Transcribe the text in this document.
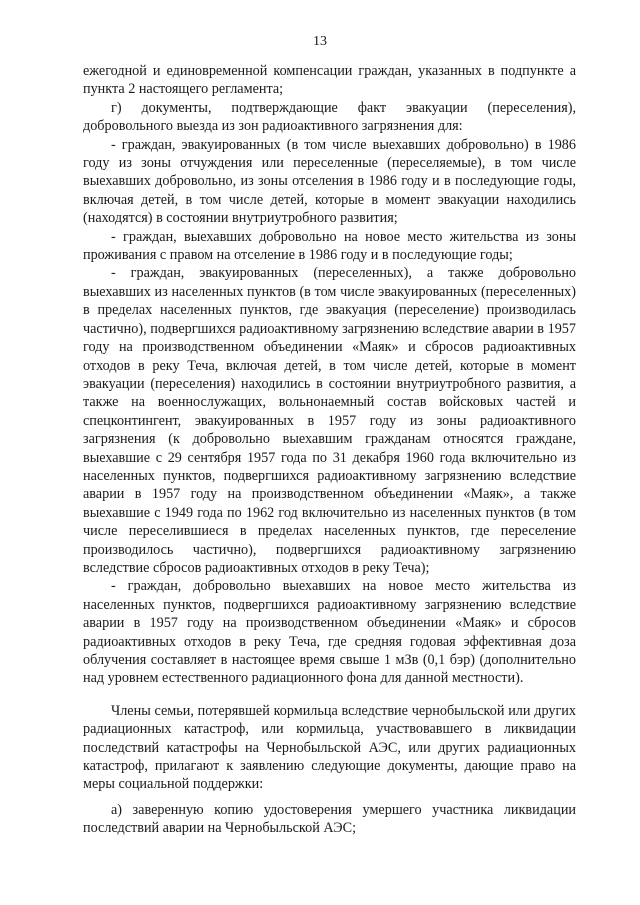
13

ежегодной и единовременной компенсации граждан, указанных в подпункте а пункта 2 настоящего регламента;

г) документы, подтверждающие факт эвакуации (переселения), добровольного выезда из зон радиоактивного загрязнения для:

- граждан, эвакуированных (в том числе выехавших добровольно) в 1986 году из зоны отчуждения или переселенные (переселяемые), в том числе выехавших добровольно, из зоны отселения в 1986 году и в последующие годы, включая детей, в том числе детей, которые в момент эвакуации находились (находятся) в состоянии внутриутробного развития;

- граждан, выехавших добровольно на новое место жительства из зоны проживания с правом на отселение в 1986 году и в последующие годы;

- граждан, эвакуированных (переселенных), а также добровольно выехавших из населенных пунктов (в том числе эвакуированных (переселенных) в пределах населенных пунктов, где эвакуация (переселение) производилась частично), подвергшихся радиоактивному загрязнению вследствие аварии в 1957 году на производственном объединении «Маяк» и сбросов радиоактивных отходов в реку Теча, включая детей, в том числе детей, которые в момент эвакуации (переселения) находились в состоянии внутриутробного развития, а также на военнослужащих, вольнонаемный состав войсковых частей и спецконтингент, эвакуированных в 1957 году из зоны радиоактивного загрязнения (к добровольно выехавшим гражданам относятся граждане, выехавшие с 29 сентября 1957 года по 31 декабря 1960 года включительно из населенных пунктов, подвергшихся радиоактивному загрязнению вследствие аварии в 1957 году на производственном объединении «Маяк», а также выехавшие с 1949 года по 1962 год включительно из населенных пунктов (в том числе переселившиеся в пределах населенных пунктов, где переселение производилось частично), подвергшихся радиоактивному загрязнению вследствие сбросов радиоактивных отходов в реку Теча);

- граждан, добровольно выехавших на новое место жительства из населенных пунктов, подвергшихся радиоактивному загрязнению вследствие аварии в 1957 году на производственном объединении «Маяк» и сбросов радиоактивных отходов в реку Теча, где средняя годовая эффективная доза облучения составляет в настоящее время свыше 1 мЗв (0,1 бэр) (дополнительно над уровнем естественного радиационного фона для данной местности).

Члены семьи, потерявшей кормильца вследствие чернобыльской или других радиационных катастроф, или кормильца, участвовавшего в ликвидации последствий катастрофы на Чернобыльской АЭС, или других радиационных катастроф, прилагают к заявлению следующие документы, дающие право на меры социальной поддержки:

а) заверенную копию удостоверения умершего участника ликвидации последствий аварии на Чернобыльской АЭС;
